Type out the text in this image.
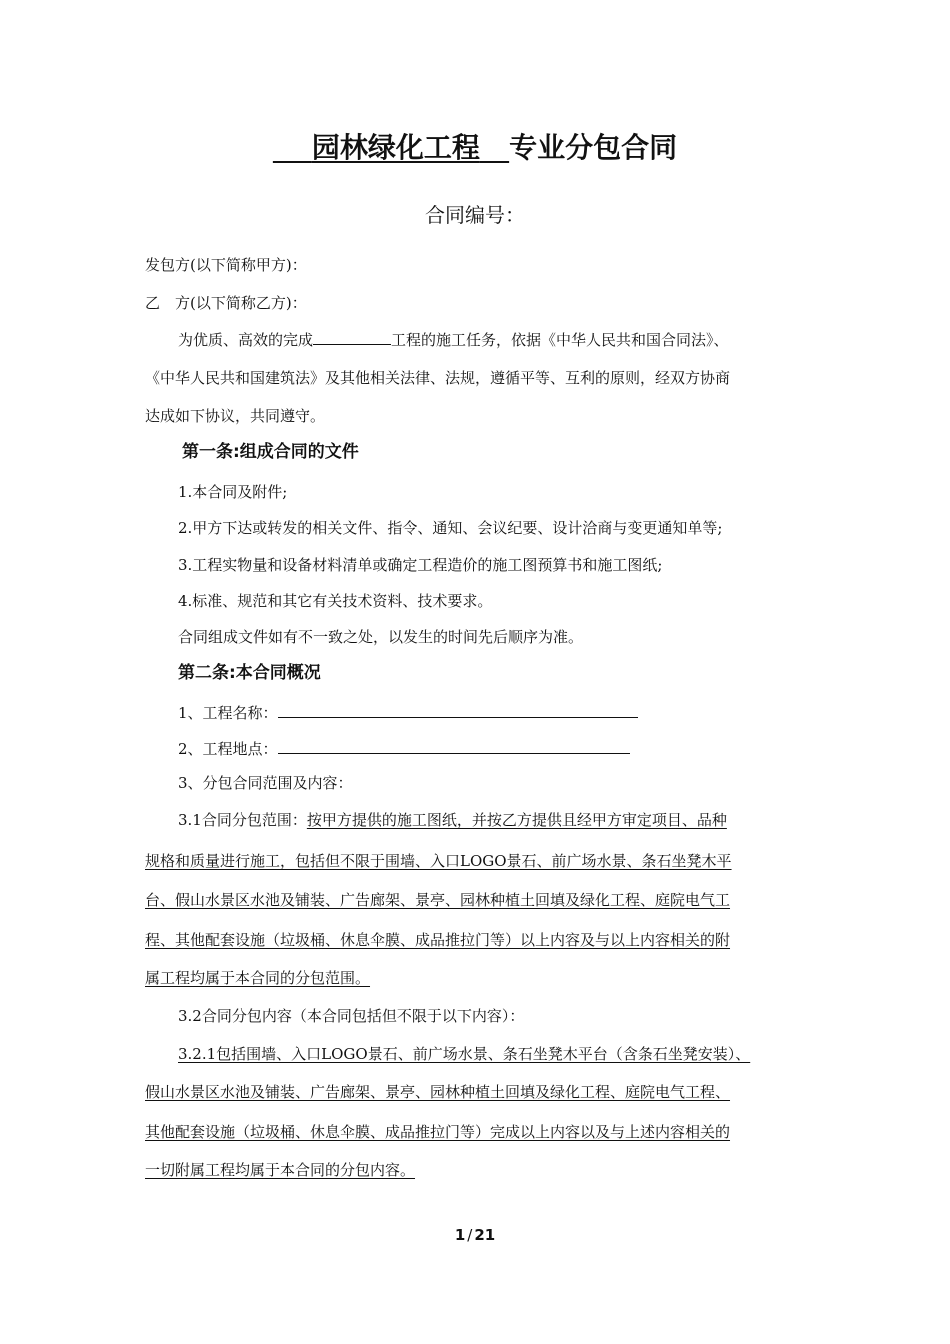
园林绿化工程 专业分包合同
合同编号：
发包方(以下简称甲方)：
乙　方(以下简称乙方)：
为优质、高效的完成	工程的施工任务，依据《中华人民共和国合同法》、
《中华人民共和国建筑法》及其他相关法律、法规，遵循平等、互利的原则，经双方协商
达成如下协议，共同遵守。
第一条:组成合同的文件
1.本合同及附件;
2.甲方下达或转发的相关文件、指令、通知、会议纪要、设计洽商与变更通知单等;
3.工程实物量和设备材料清单或确定工程造价的施工图预算书和施工图纸;
4.标准、规范和其它有关技术资料、技术要求。
合同组成文件如有不一致之处，以发生的时间先后顺序为准。
第二条:本合同概况
1、工程名称：
2、工程地点：
3、分包合同范围及内容：
3.1合同分包范围：按甲方提供的施工图纸，并按乙方提供且经甲方审定项目、品种
规格和质量进行施工，包括但不限于围墙、入口LOGO景石、前广场水景、条石坐凳木平
台、假山水景区水池及铺装、广告廊架、景亭、园林种植土回填及绿化工程、庭院电气工
程、其他配套设施（垃圾桶、休息伞膜、成品推拉门等）以上内容及与以上内容相关的附
属工程均属于本合同的分包范围。
3.2合同分包内容（本合同包括但不限于以下内容）：
3.2.1包括围墙、入口LOGO景石、前广场水景、条石坐凳木平台（含条石坐凳安装）、
假山水景区水池及铺装、广告廊架、景亭、园林种植土回填及绿化工程、庭院电气工程、
其他配套设施（垃圾桶、休息伞膜、成品推拉门等）完成以上内容以及与上述内容相关的
一切附属工程均属于本合同的分包内容。
1 / 21
